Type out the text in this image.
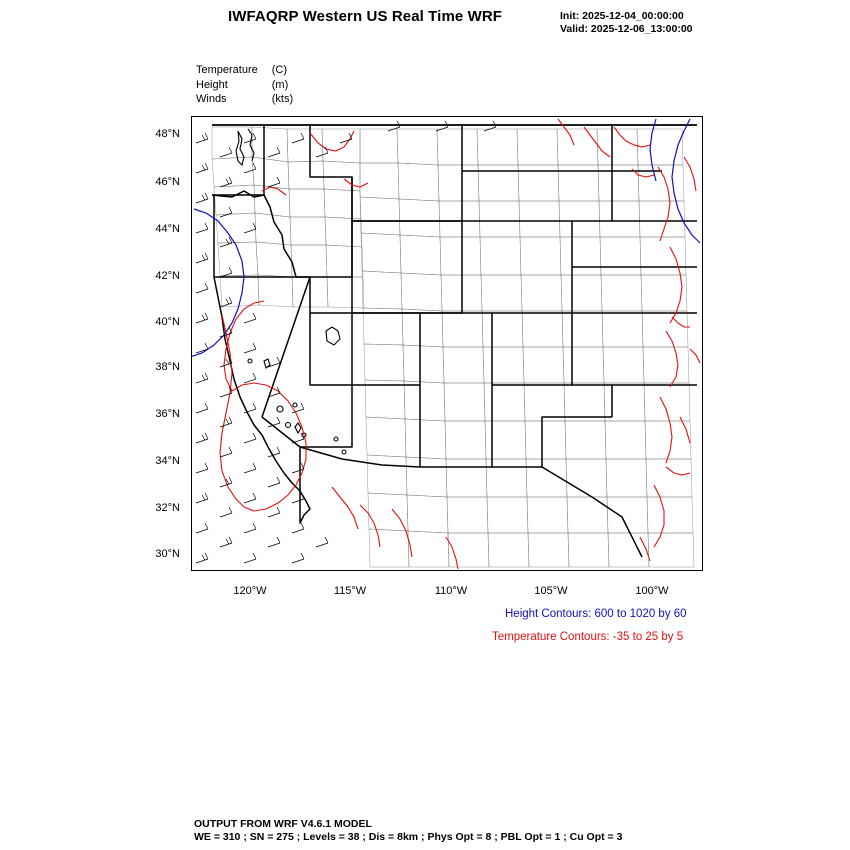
IWFAQRP Western US Real Time WRF	Init: 2025-12-04_00:00:00
Valid: 2025-12-06_13:00:00
Temperature	(C)
Height	(m)
Winds	(kts)
48°N
46°N
44°N
42°N
40°N
38°N
36°N
34°N
32°N
30°N
120°W	115°W	110°W	105°W	100°W
Height Contours: 600 to 1020 by 60
Temperature Contours: -35 to 25 by 5
OUTPUT FROM WRF V4.6.1 MODEL
WE = 310 ; SN = 275 ; Levels = 38 ; Dis = 8km ; Phys Opt = 8 ; PBL Opt = 1 ; Cu Opt = 3
